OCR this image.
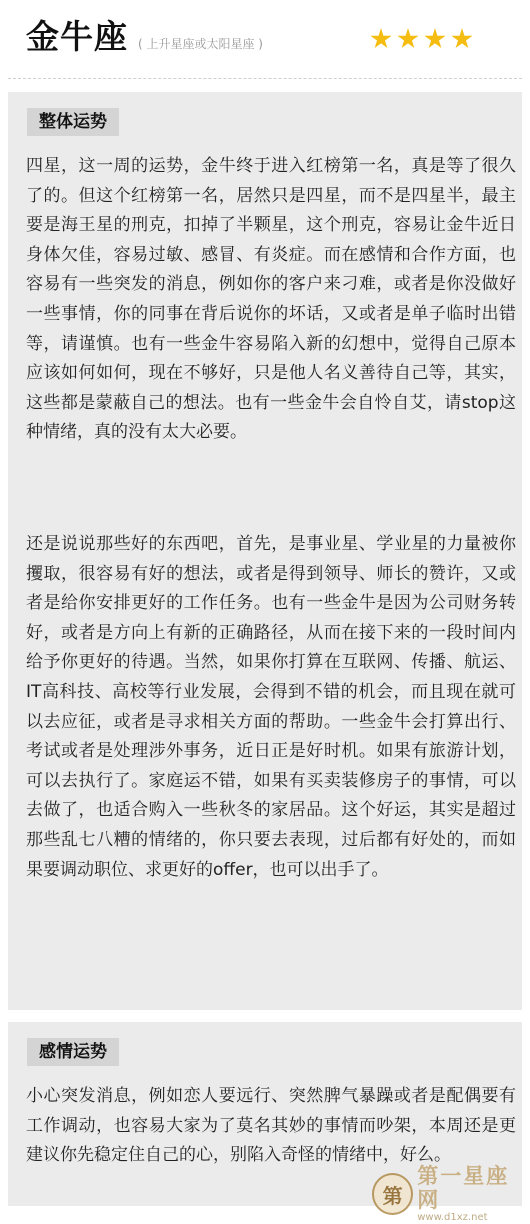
金牛座 ( 上升星座或太阳星座 )
整体运势

四星，这一周的运势，金牛终于进入红榜第一名，真是等了很久了的。但这个红榜第一名，居然只是四星，而不是四星半，最主要是海王星的刑克，扣掉了半颗星，这个刑克，容易让金牛近日身体欠佳，容易过敏、感冒、有炎症。而在感情和合作方面，也容易有一些突发的消息，例如你的客户来刁难，或者是你没做好一些事情，你的同事在背后说你的坏话，又或者是单子临时出错等，请谨慎。也有一些金牛容易陷入新的幻想中，觉得自己原本应该如何如何，现在不够好，只是他人名义善待自己等，其实，这些都是蒙蔽自己的想法。也有一些金牛会自怜自艾，请stop这种情绪，真的没有太大必要。

还是说说那些好的东西吧，首先，是事业星、学业星的力量被你攫取，很容易有好的想法，或者是得到领导、师长的赞许，又或者是给你安排更好的工作任务。也有一些金牛是因为公司财务转好，或者是方向上有新的正确路径，从而在接下来的一段时间内给予你更好的待遇。当然，如果你打算在互联网、传播、航运、IT高科技、高校等行业发展，会得到不错的机会，而且现在就可以去应征，或者是寻求相关方面的帮助。一些金牛会打算出行、考试或者是处理涉外事务，近日正是好时机。如果有旅游计划，可以去执行了。家庭运不错，如果有买卖装修房子的事情，可以去做了，也适合购入一些秋冬的家居品。这个好运，其实是超过那些乱七八糟的情绪的，你只要去表现，过后都有好处的，而如果要调动职位、求更好的offer，也可以出手了。

感情运势

小心突发消息，例如恋人要远行、突然脾气暴躁或者是配偶要有工作调动，也容易大家为了莫名其妙的事情而吵架，本周还是更建议你先稳定住自己的心，别陷入奇怪的情绪中，好么。

第
第一星座网
www.d1xz.net
